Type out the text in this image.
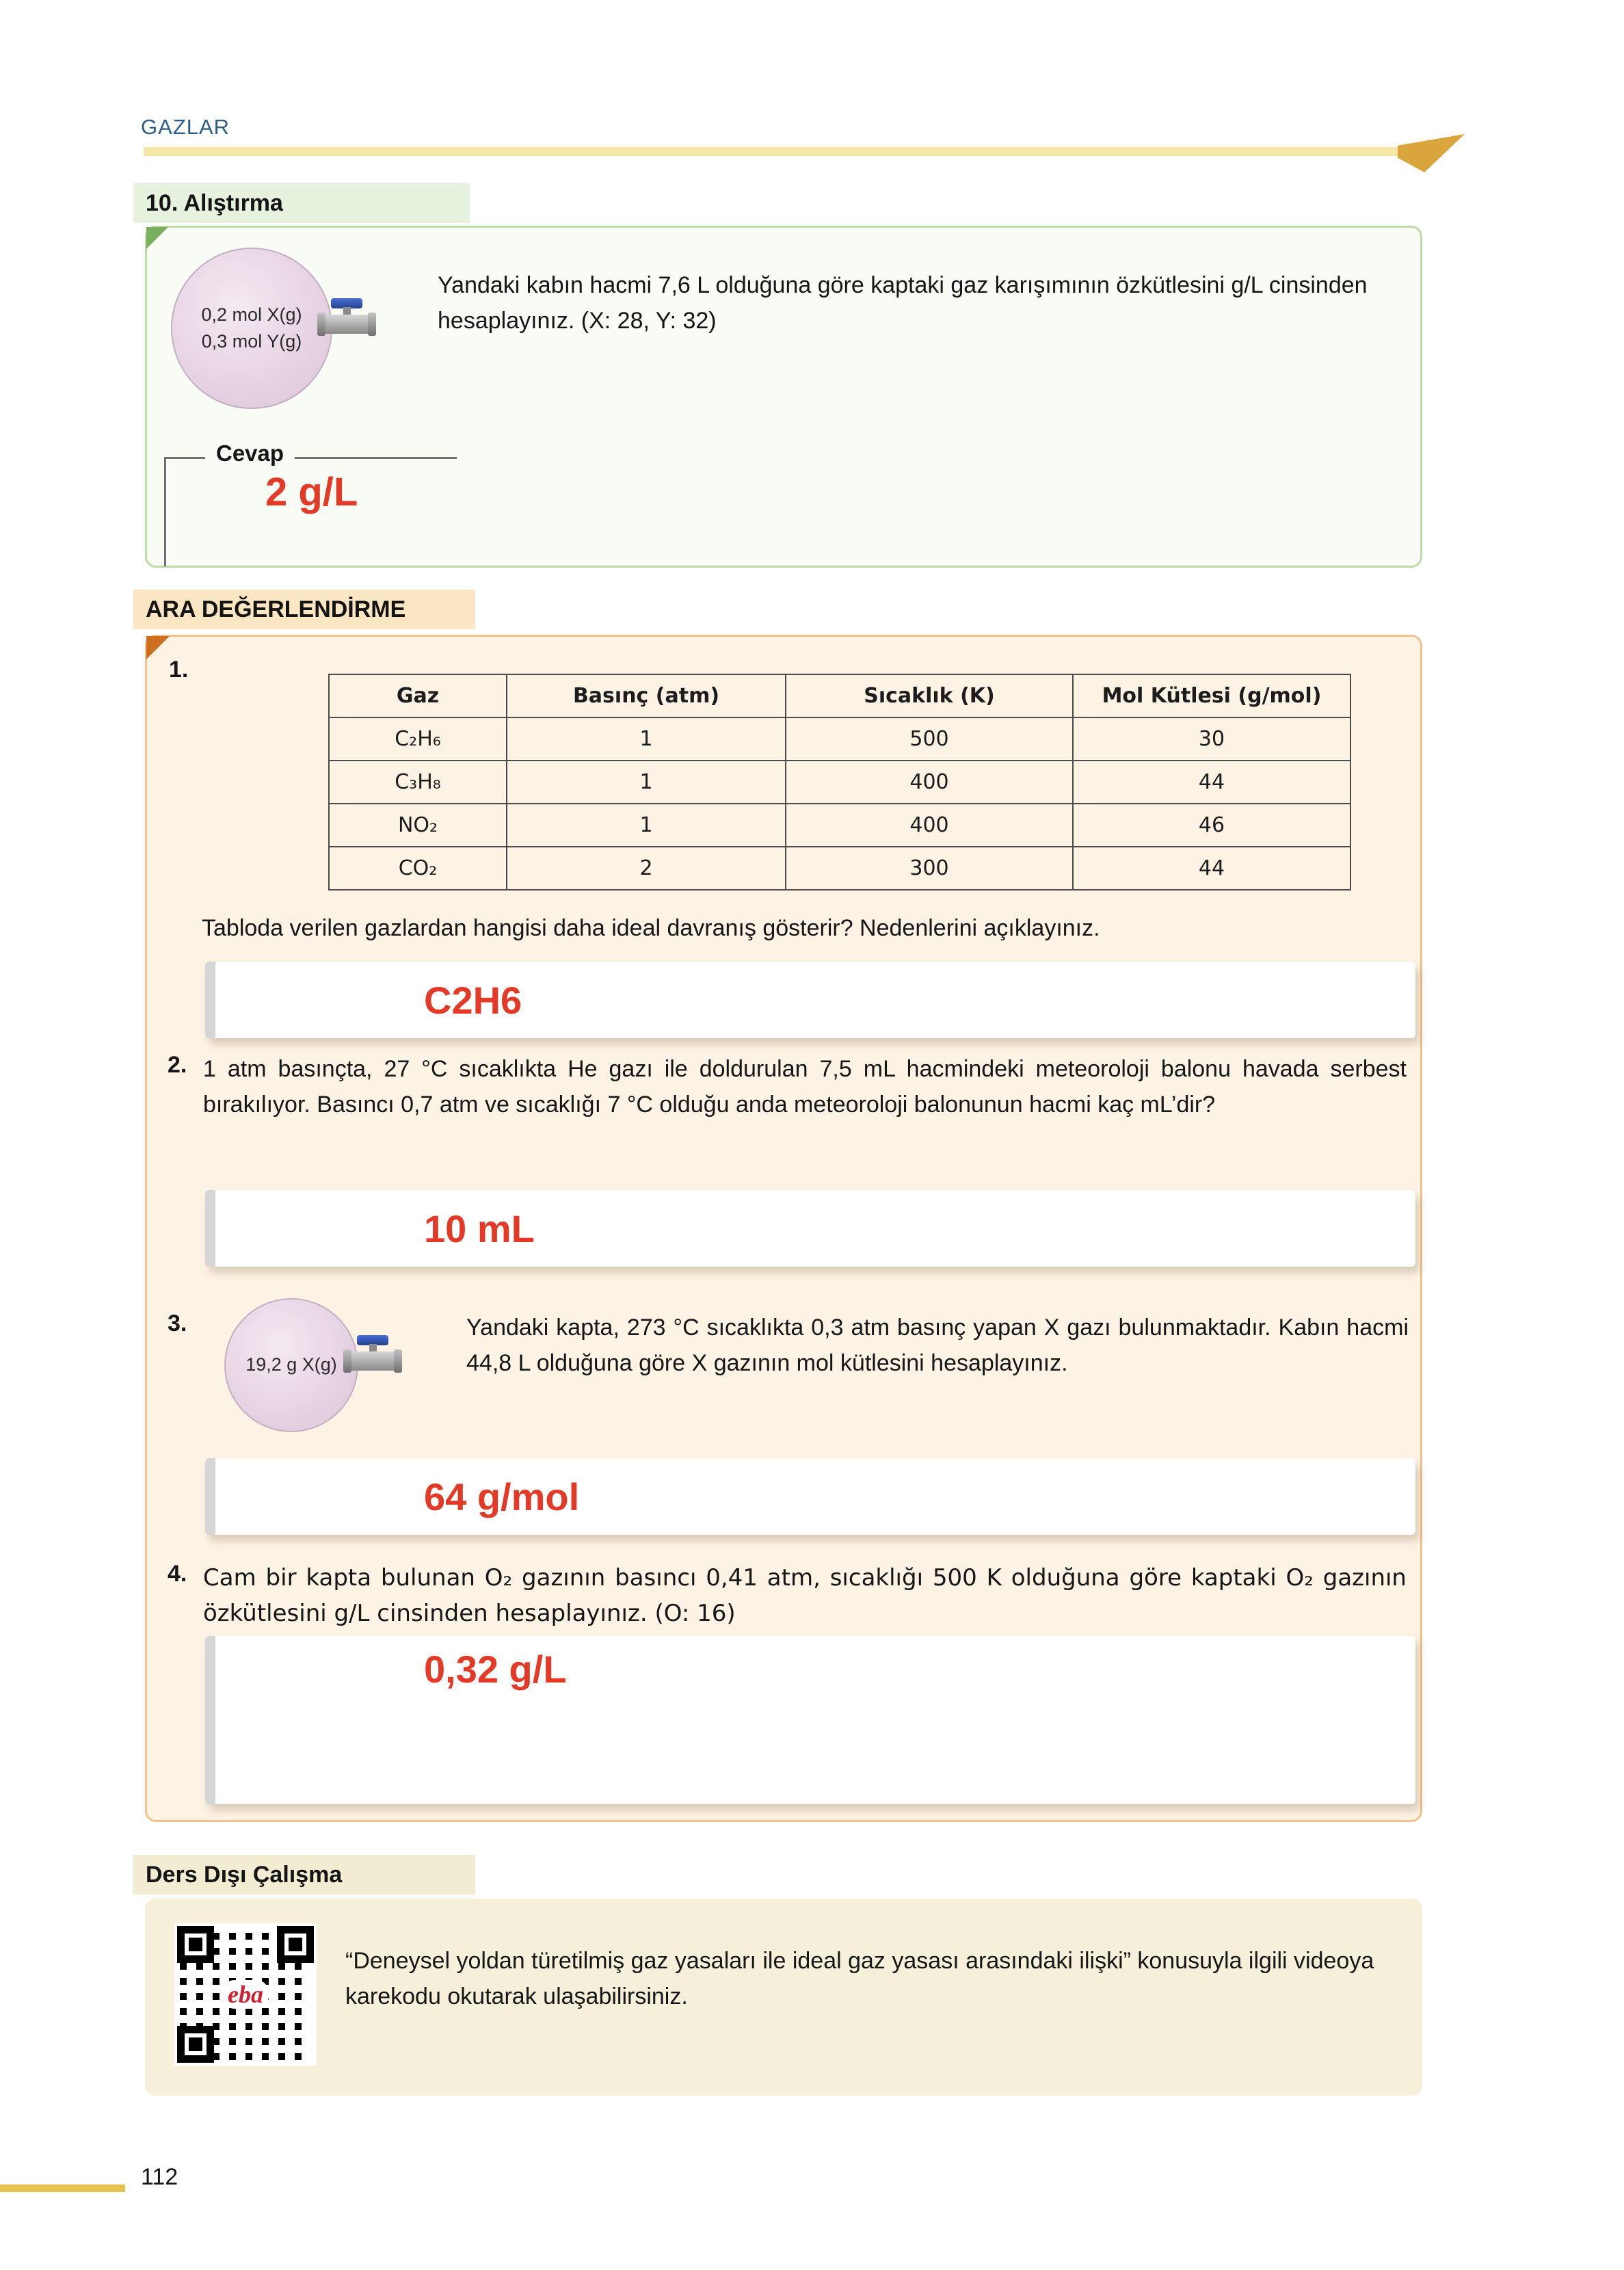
GAZLAR
10. Alıştırma
0,2 mol X(g)
0,3 mol Y(g)
Yandaki kabın hacmi 7,6 L olduğuna göre kaptaki gaz karışımının özkütlesini g/L cinsinden hesaplayınız. (X: 28, Y: 32)
Cevap
2 g/L
ARA DEĞERLENDİRME
1.
Gaz	Basınç (atm)	Sıcaklık (K)	Mol Kütlesi (g/mol)
C₂H₆	1	500	30
C₃H₈	1	400	44
NO₂	1	400	46
CO₂	2	300	44
Tabloda verilen gazlardan hangisi daha ideal davranış gösterir? Nedenlerini açıklayınız.
C2H6
2. 1 atm basınçta, 27 °C sıcaklıkta He gazı ile doldurulan 7,5 mL hacmindeki meteoroloji balonu havada serbest bırakılıyor. Basıncı 0,7 atm ve sıcaklığı 7 °C olduğu anda meteoroloji balonunun hacmi kaç mL’dir?
10 mL
3.
19,2 g X(g)
Yandaki kapta, 273 °C sıcaklıkta 0,3 atm basınç yapan X gazı bulunmaktadır. Kabın hacmi 44,8 L olduğuna göre X gazının mol kütlesini hesaplayınız.
64 g/mol
4. Cam bir kapta bulunan O₂ gazının basıncı 0,41 atm, sıcaklığı 500 K olduğuna göre kaptaki O₂ gazının özkütlesini g/L cinsinden hesaplayınız. (O: 16)
0,32 g/L
Ders Dışı Çalışma
eba
“Deneysel yoldan türetilmiş gaz yasaları ile ideal gaz yasası arasındaki ilişki” konusuyla ilgili videoya karekodu okutarak ulaşabilirsiniz.
112
